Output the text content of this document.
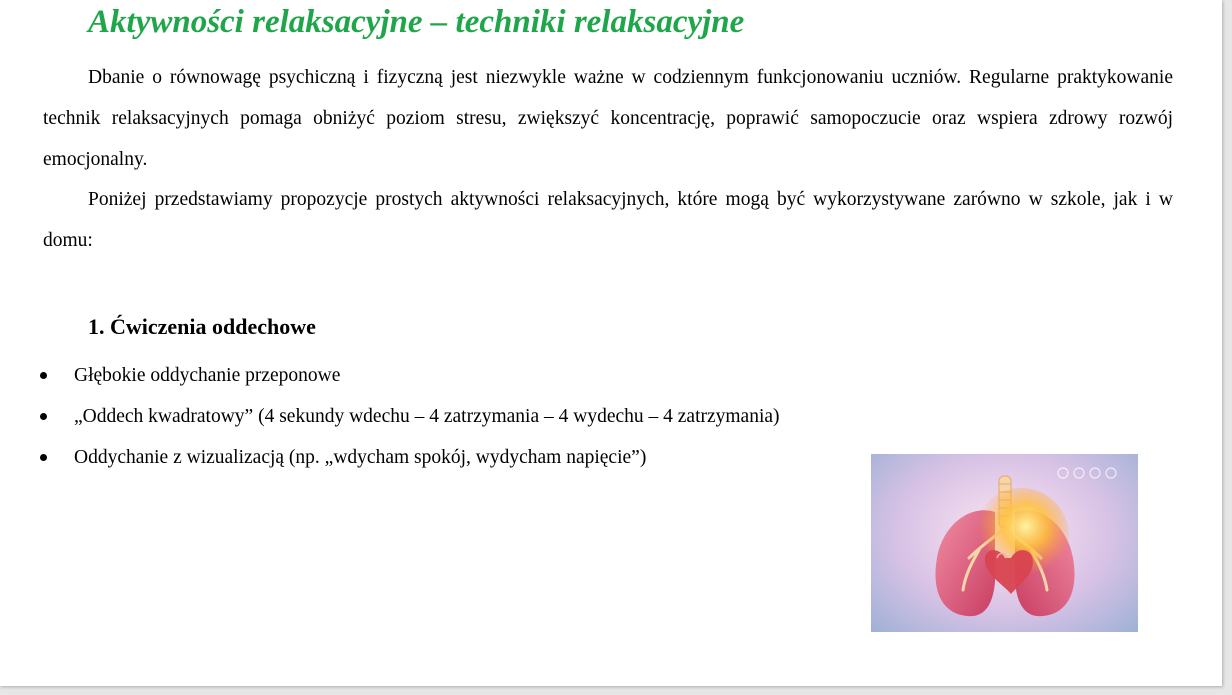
Aktywności relaksacyjne – techniki relaksacyjne

Dbanie o równowagę psychiczną i fizyczną jest niezwykle ważne w codziennym funkcjonowaniu uczniów. Regularne praktykowanie technik relaksacyjnych pomaga obniżyć poziom stresu, zwiększyć koncentrację, poprawić samopoczucie oraz wspiera zdrowy rozwój emocjonalny.

Poniżej przedstawiamy propozycje prostych aktywności relaksacyjnych, które mogą być wykorzystywane zarówno w szkole, jak i w domu:

1. Ćwiczenia oddechowe
Głębokie oddychanie przeponowe
„Oddech kwadratowy” (4 sekundy wdechu – 4 zatrzymania – 4 wydechu – 4 zatrzymania)
Oddychanie z wizualizacją (np. „wdycham spokój, wydycham napięcie”)
